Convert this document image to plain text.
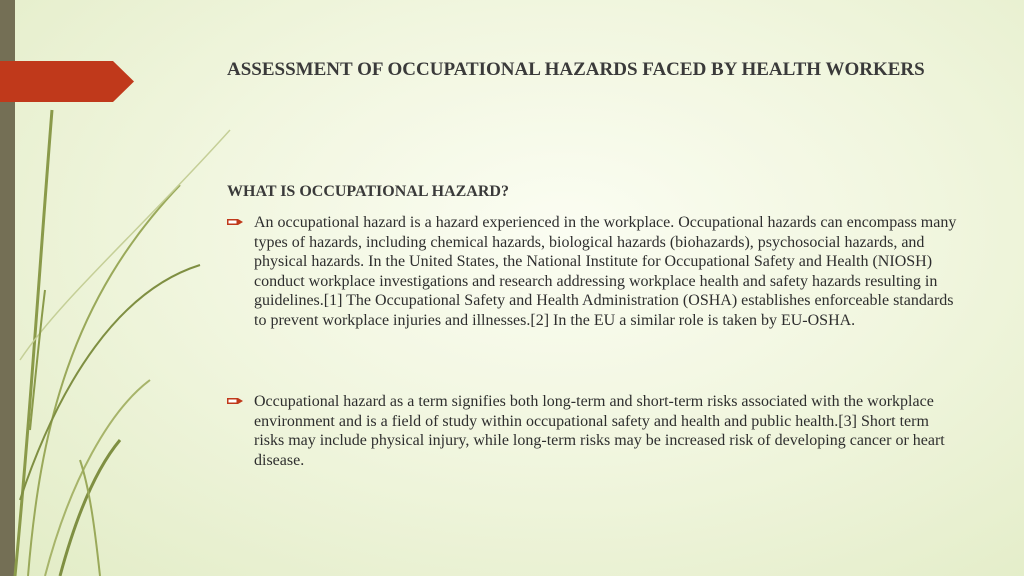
ASSESSMENT OF OCCUPATIONAL HAZARDS FACED BY HEALTH WORKERS
WHAT IS OCCUPATIONAL HAZARD?
An occupational hazard is a hazard experienced in the workplace. Occupational hazards can encompass many types of hazards, including chemical hazards, biological hazards (biohazards), psychosocial hazards, and physical hazards. In the United States, the National Institute for Occupational Safety and Health (NIOSH) conduct workplace investigations and research addressing workplace health and safety hazards resulting in guidelines.[1] The Occupational Safety and Health Administration (OSHA) establishes enforceable standards to prevent workplace injuries and illnesses.[2] In the EU a similar role is taken by EU-OSHA.
Occupational hazard as a term signifies both long-term and short-term risks associated with the workplace environment and is a field of study within occupational safety and health and public health.[3] Short term risks may include physical injury, while long-term risks may be increased risk of developing cancer or heart disease.
